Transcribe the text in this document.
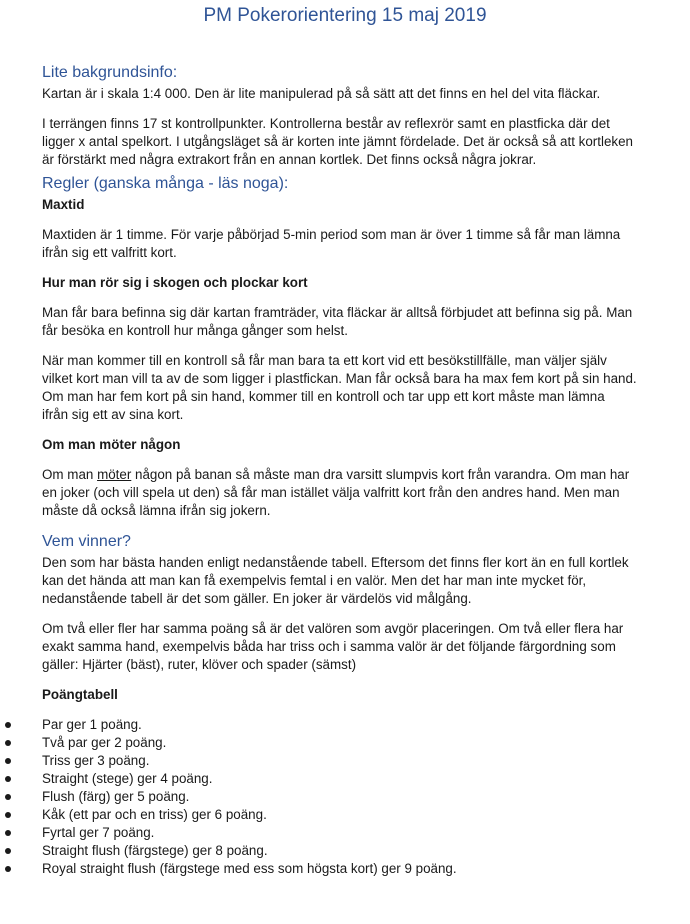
PM Pokerorientering 15 maj 2019
Lite bakgrundsinfo:
Kartan är i skala 1:4 000. Den är lite manipulerad på så sätt att det finns en hel del vita fläckar.
I terrängen finns 17 st kontrollpunkter. Kontrollerna består av reflexrör samt en plastficka där det
ligger x antal spelkort. I utgångsläget så är korten inte jämnt fördelade. Det är också så att kortleken
är förstärkt med några extrakort från en annan kortlek. Det finns också några jokrar.
Regler (ganska många - läs noga):
Maxtid
Maxtiden är 1 timme. För varje påbörjad 5-min period som man är över 1 timme så får man lämna
ifrån sig ett valfritt kort.
Hur man rör sig i skogen och plockar kort
Man får bara befinna sig där kartan framträder, vita fläckar är alltså förbjudet att befinna sig på. Man
får besöka en kontroll hur många gånger som helst.
När man kommer till en kontroll så får man bara ta ett kort vid ett besökstillfälle, man väljer själv
vilket kort man vill ta av de som ligger i plastfickan. Man får också bara ha max fem kort på sin hand.
Om man har fem kort på sin hand, kommer till en kontroll och tar upp ett kort måste man lämna
ifrån sig ett av sina kort.
Om man möter någon
Om man möter någon på banan så måste man dra varsitt slumpvis kort från varandra. Om man har
en joker (och vill spela ut den) så får man istället välja valfritt kort från den andres hand. Men man
måste då också lämna ifrån sig jokern.
Vem vinner?
Den som har bästa handen enligt nedanstående tabell. Eftersom det finns fler kort än en full kortlek
kan det hända att man kan få exempelvis femtal i en valör. Men det har man inte mycket för,
nedanstående tabell är det som gäller. En joker är värdelös vid målgång.
Om två eller fler har samma poäng så är det valören som avgör placeringen. Om två eller flera har
exakt samma hand, exempelvis båda har triss och i samma valör är det följande färgordning som
gäller: Hjärter (bäst), ruter, klöver och spader (sämst)
Poängtabell
Par ger 1 poäng.
Två par ger 2 poäng.
Triss ger 3 poäng.
Straight (stege) ger 4 poäng.
Flush (färg) ger 5 poäng.
Kåk (ett par och en triss) ger 6 poäng.
Fyrtal ger 7 poäng.
Straight flush (färgstege) ger 8 poäng.
Royal straight flush (färgstege med ess som högsta kort) ger 9 poäng.
